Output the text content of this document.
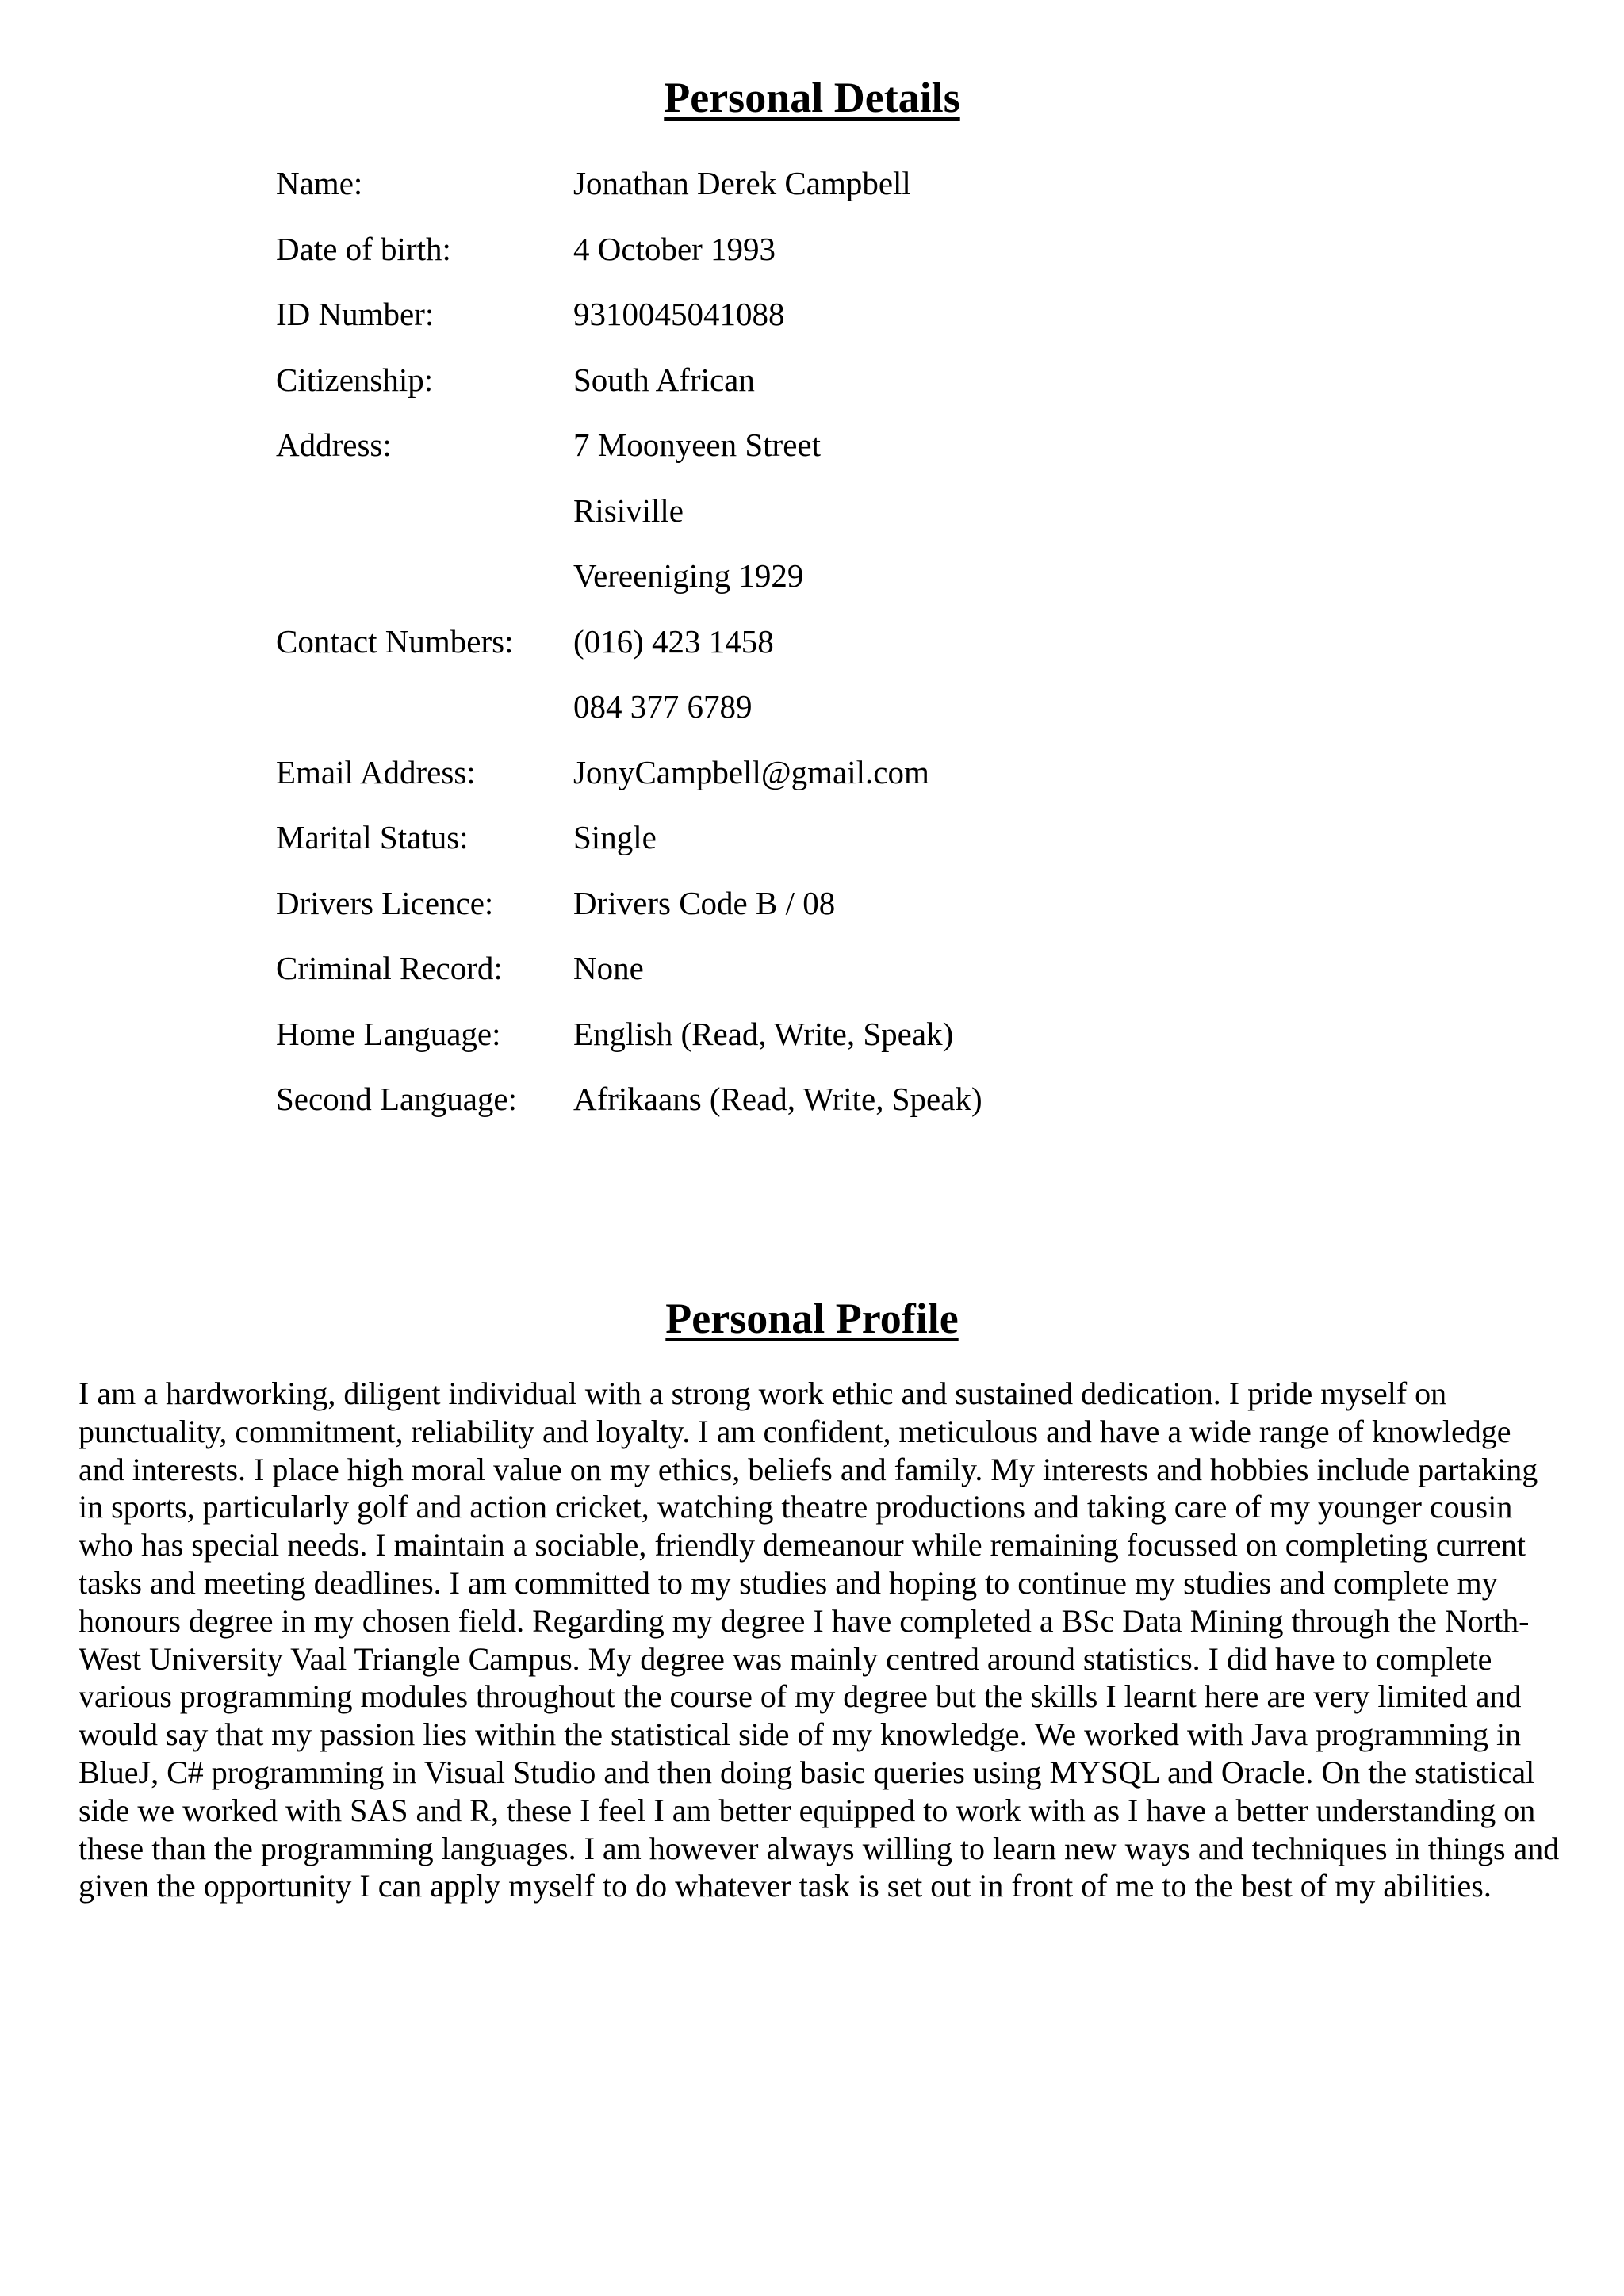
Personal Details
Name:	Jonathan Derek Campbell
Date of birth:	4 October 1993
ID Number:	9310045041088
Citizenship:	South African
Address:	7 Moonyeen Street
Risiville
Vereeniging 1929
Contact Numbers: (016) 423 1458
084 377 6789
Email Address:	JonyCampbell@gmail.com
Marital Status:	Single
Drivers Licence: Drivers Code B / 08
Criminal Record: None
Home Language: English (Read, Write, Speak)
Second Language: Afrikaans (Read, Write, Speak)
Personal Profile

I am a hardworking, diligent individual with a strong work ethic and sustained dedication. I pride myself on punctuality, commitment, reliability and loyalty. I am confident, meticulous and have a wide range of knowledge and interests. I place high moral value on my ethics, beliefs and family. My interests and hobbies include partaking in sports, particularly golf and action cricket, watching theatre productions and taking care of my younger cousin who has special needs. I maintain a sociable, friendly demeanour while remaining focussed on completing current tasks and meeting deadlines. I am committed to my studies and hoping to continue my studies and complete my honours degree in my chosen field. Regarding my degree I have completed a BSc Data Mining through the North-West University Vaal Triangle Campus. My degree was mainly centred around statistics. I did have to complete various programming modules throughout the course of my degree but the skills I learnt here are very limited and would say that my passion lies within the statistical side of my knowledge. We worked with Java programming in BlueJ, C# programming in Visual Studio and then doing basic queries using MYSQL and Oracle. On the statistical side we worked with SAS and R, these I feel I am better equipped to work with as I have a better understanding on these than the programming languages. I am however always willing to learn new ways and techniques in things and given the opportunity I can apply myself to do whatever task is set out in front of me to the best of my abilities.
